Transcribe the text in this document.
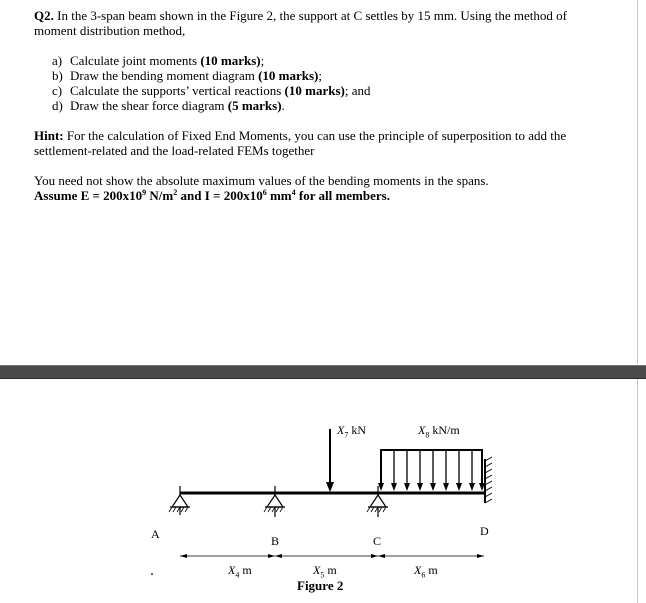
Q2. In the 3-span beam shown in the Figure 2, the support at C settles by 15 mm. Using the method of
moment distribution method,
a) Calculate joint moments (10 marks);
b) Draw the bending moment diagram (10 marks);
c) Calculate the supports’ vertical reactions (10 marks); and
d) Draw the shear force diagram (5 marks).
Hint: For the calculation of Fixed End Moments, you can use the principle of superposition to add the
settlement-related and the load-related FEMs together
You need not show the absolute maximum values of the bending moments in the spans.
Assume $E = 200x10^9$ $N/m^2$ and $I = 200x10^6$ $mm^4$ for all members.
$X_7$ kN	$X_8$ kN/m
A	B	C
D
$X_4$ m	$X_5$ m	$X_6$ m
Figure 2
